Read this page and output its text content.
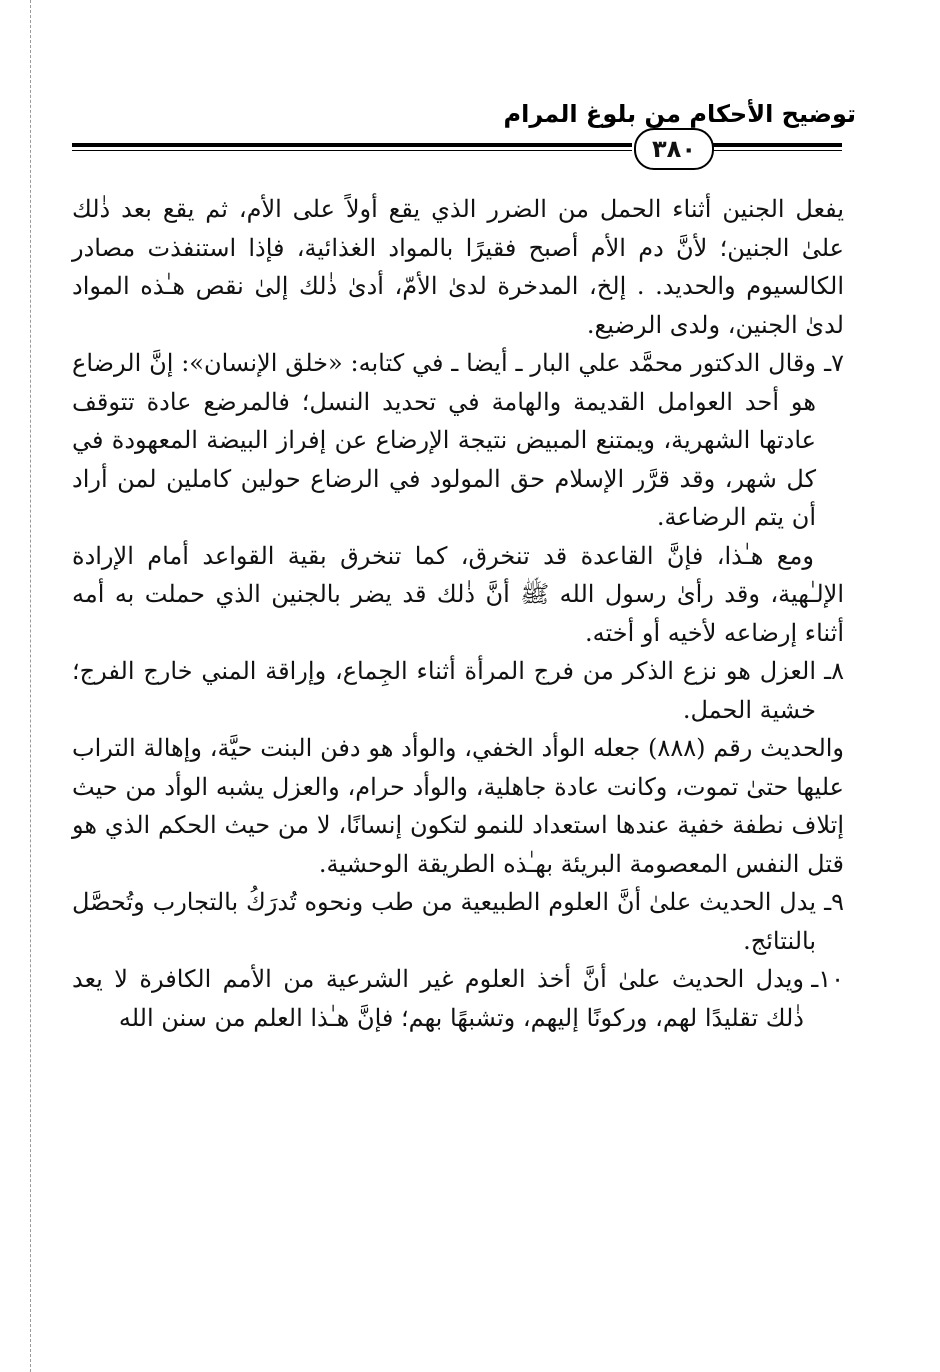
توضيح الأحكام من بلوغ المرام
٣٨٠

يفعل الجنين أثناء الحمل من الضرر الذي يقع أولاً على الأم، ثم يقع بعد ذٰلك علىٰ الجنين؛ لأنَّ دم الأم أصبح فقيرًا بالمواد الغذائية، فإذا استنفذت مصادر الكالسيوم والحديد. . إلخ، المدخرة لدىٰ الأمّ، أدىٰ ذٰلك إلىٰ نقص هـٰذه المواد لدىٰ الجنين، ولدى الرضيع.

٧ـ
وقال الدكتور محمَّد علي البار ـ أيضا ـ في كتابه: «خلق الإنسان»: إنَّ الرضاع هو أحد العوامل القديمة والهامة في تحديد النسل؛ فالمرضع عادة تتوقف عادتها الشهرية، ويمتنع المبيض نتيجة الإرضاع عن إفراز البيضة المعهودة في كل شهر، وقد قرَّر الإسلام حق المولود في الرضاع حولين كاملين لمن أراد أن يتم الرضاعة.

ومع هـٰذا، فإنَّ القاعدة قد تنخرق، كما تنخرق بقية القواعد أمام الإرادة الإلـٰهية، وقد رأىٰ رسول الله ﷺ أنَّ ذٰلك قد يضر بالجنين الذي حملت به أمه أثناء إرضاعه لأخيه أو أخته.

٨ـ
العزل هو نزع الذكر من فرج المرأة أثناء الجِماع، وإراقة المني خارج الفرج؛ خشية الحمل.

والحديث رقم (٨٨٨) جعله الوأد الخفي، والوأد هو دفن البنت حيَّة، وإهالة التراب عليها حتىٰ تموت، وكانت عادة جاهلية، والوأد حرام، والعزل يشبه الوأد من حيث إتلاف نطفة خفية عندها استعداد للنمو لتكون إنسانًا، لا من حيث الحكم الذي هو قتل النفس المعصومة البريئة بهـٰذه الطريقة الوحشية.

٩ـ
يدل الحديث علىٰ أنَّ العلوم الطبيعية من طب ونحوه تُدرَكُ بالتجارب وتُحصَّل بالنتائج.

١٠ـ
ويدل الحديث علىٰ أنَّ أخذ العلوم غير الشرعية من الأمم الكافرة لا يعد ذٰلك تقليدًا لهم، وركونًا إليهم، وتشبهًا بهم؛ فإنَّ هـٰذا العلم من سنن الله
